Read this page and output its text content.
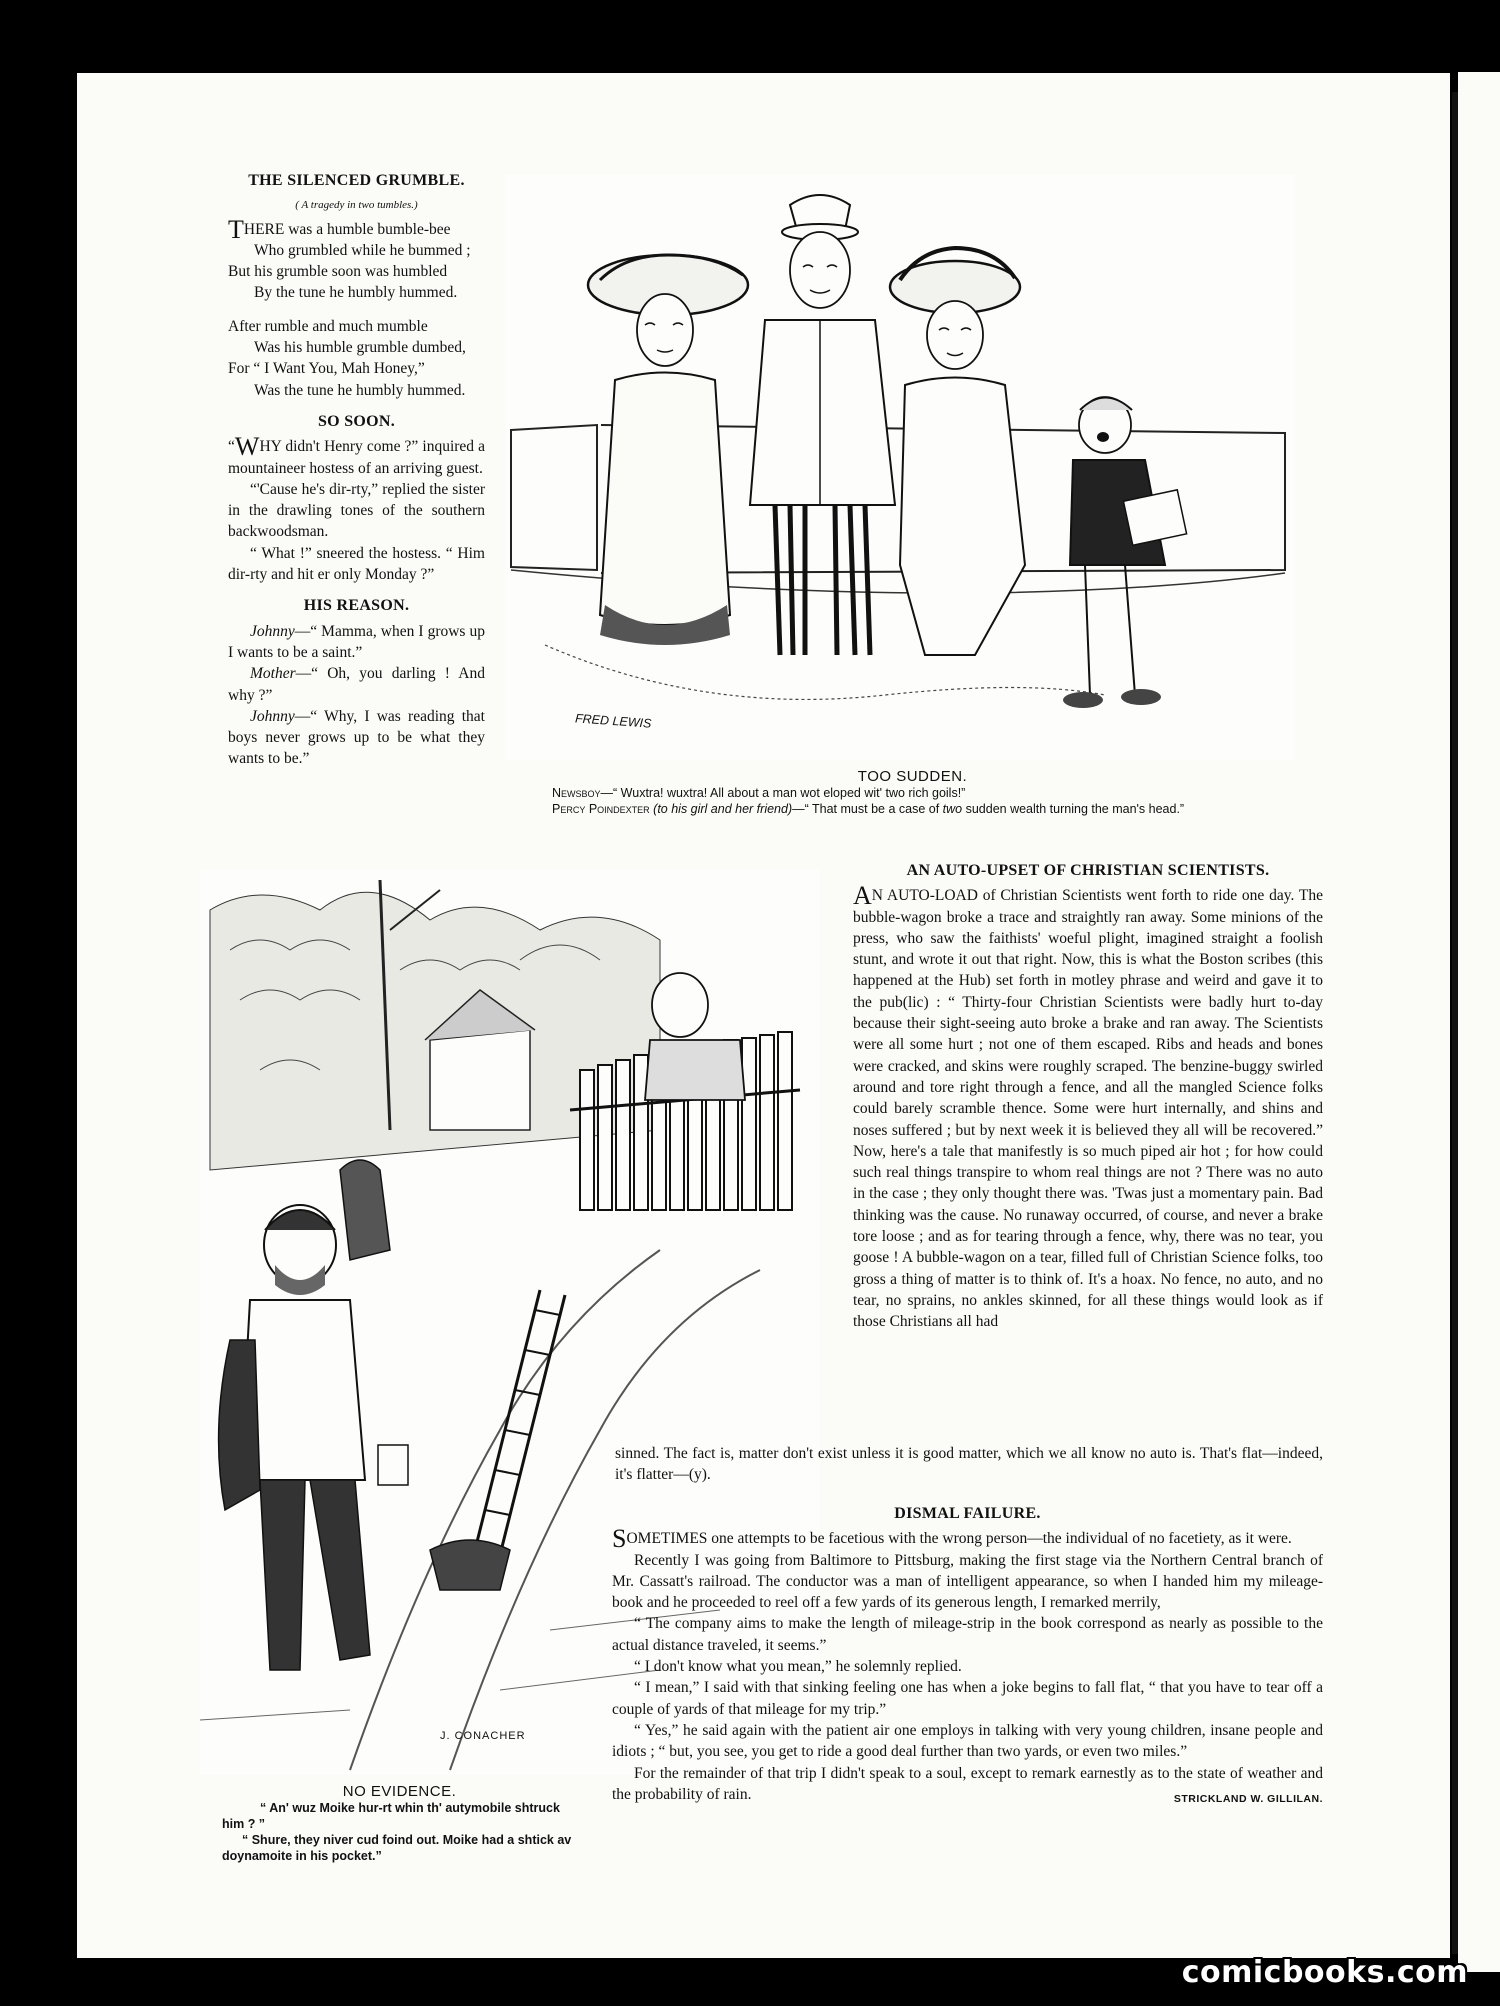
THE SILENCED GRUMBLE.
( A tragedy in two tumbles.)

THERE was a humble bumble-bee

Who grumbled while he bummed ;

But his grumble soon was humbled

By the tune he humbly hummed.

After rumble and much mumble

Was his humble grumble dumbed,

For “ I Want You, Mah Honey,”

Was the tune he humbly hummed.

SO SOON.

“WHY didn't Henry come ?” inquired a mountaineer hostess of an arriving guest.

“'Cause he's dir-rty,” replied the sister in the drawling tones of the southern backwoodsman.

“ What !” sneered the hostess. “ Him dir-rty and hit er only Monday ?”

HIS REASON.

Johnny—“ Mamma, when I grows up I wants to be a saint.”

Mother—“ Oh, you darling ! And why ?”

Johnny—“ Why, I was reading that boys never grows up to be what they wants to be.”

FRED LEWIS
TOO SUDDEN.
Newsboy—“ Wuxtra! wuxtra! All about a man wot eloped wit' two rich goils!”
Percy Poindexter (to his girl and her friend)—“ That must be a case of two sudden wealth turning the man's head.”
J. CONACHER
NO EVIDENCE.
“ An' wuz Moike hur-rt whin th' autymobile shtruck him ? ”
“ Shure, they niver cud foind out. Moike had a shtick av doynamoite in his pocket.”
AN AUTO-UPSET OF CHRISTIAN SCIENTISTS.

AN AUTO-LOAD of Christian Scientists went forth to ride one day. The bubble-wagon broke a trace and straightly ran away. Some minions of the press, who saw the faithists' woeful plight, imagined straight a foolish stunt, and wrote it out that right. Now, this is what the Boston scribes (this happened at the Hub) set forth in motley phrase and weird and gave it to the pub(lic) : “ Thirty-four Christian Scientists were badly hurt to-day because their sight-seeing auto broke a brake and ran away. The Scientists were all some hurt ; not one of them escaped. Ribs and heads and bones were cracked, and skins were roughly scraped. The benzine-buggy swirled around and tore right through a fence, and all the mangled Science folks could barely scramble thence. Some were hurt internally, and shins and noses suffered ; but by next week it is believed they all will be recovered.” Now, here's a tale that manifestly is so much piped air hot ; for how could such real things transpire to whom real things are not ? There was no auto in the case ; they only thought there was. 'Twas just a momentary pain. Bad thinking was the cause. No runaway occurred, of course, and never a brake tore loose ; and as for tearing through a fence, why, there was no tear, you goose ! A bubble-wagon on a tear, filled full of Christian Science folks, too gross a thing of matter is to think of. It's a hoax. No fence, no auto, and no tear, no sprains, no ankles skinned, for all these things would look as if those Christians all had

sinned. The fact is, matter don't exist unless it is good matter, which we all know no auto is. That's flat—indeed, it's flatter—(y).

DISMAL FAILURE.

SOMETIMES one attempts to be facetious with the wrong person—the individual of no facetiety, as it were.

Recently I was going from Baltimore to Pittsburg, making the first stage via the Northern Central branch of Mr. Cassatt's railroad. The conductor was a man of intelligent appearance, so when I handed him my mileage-book and he proceeded to reel off a few yards of its generous length, I remarked merrily,

“ The company aims to make the length of mileage-strip in the book correspond as nearly as possible to the actual distance traveled, it seems.”

“ I don't know what you mean,” he solemnly replied.

“ I mean,” I said with that sinking feeling one has when a joke begins to fall flat, “ that you have to tear off a couple of yards of that mileage for my trip.”

“ Yes,” he said again with the patient air one employs in talking with very young children, insane people and idiots ; “ but, you see, you get to ride a good deal further than two yards, or even two miles.”

For the remainder of that trip I didn't speak to a soul, except to remark earnestly as to the state of weather and the probability of rain.	STRICKLAND W. GILLILAN.

comicbooks.com
